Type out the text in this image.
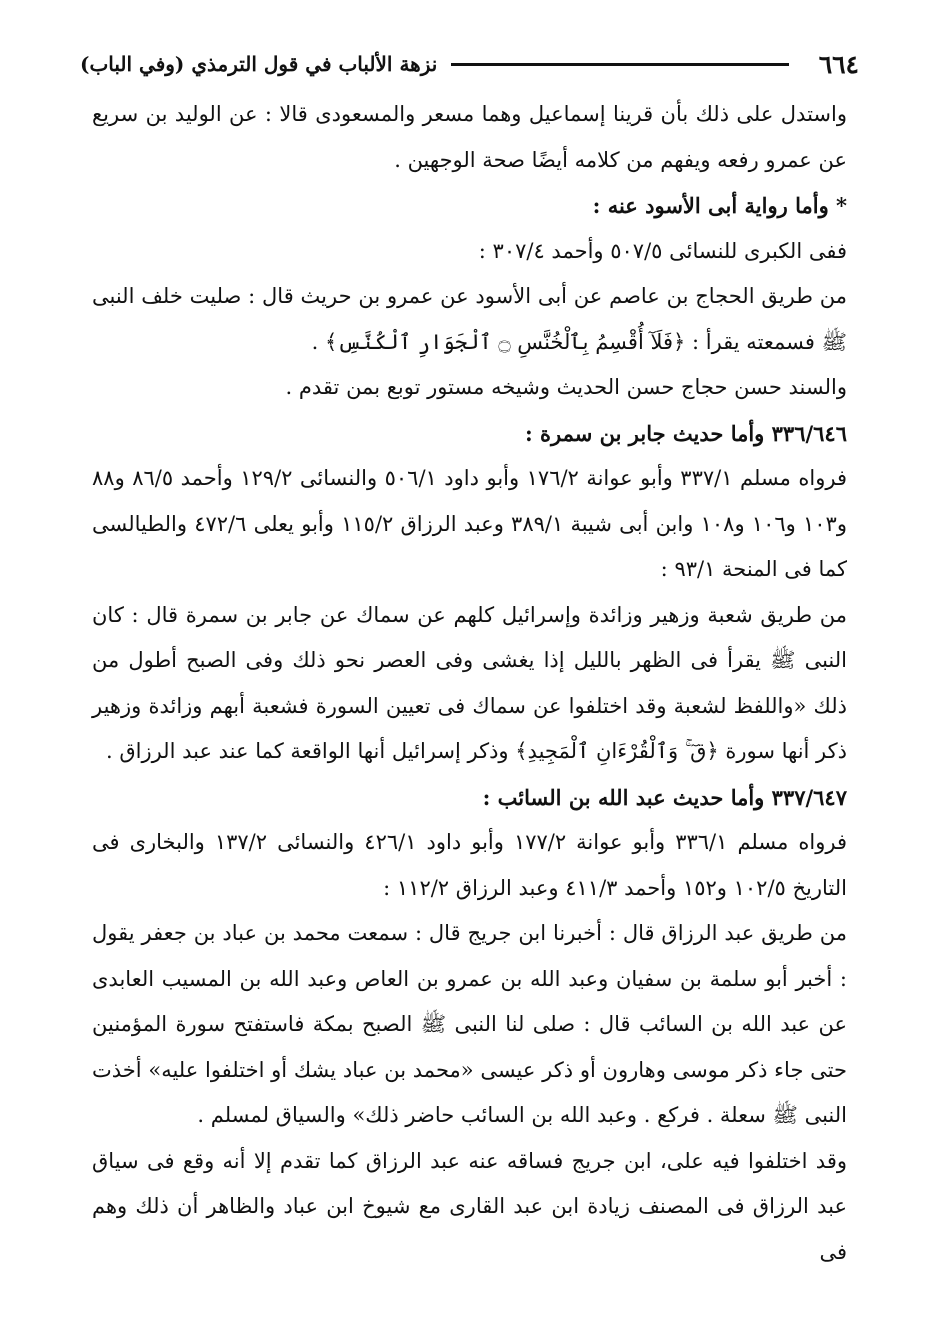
٦٦٤
نزهة الألباب في قول الترمذي (وفي الباب)

واستدل على ذلك بأن قرينا إسماعيل وهما مسعر والمسعودى قالا : عن الوليد بن سريع عن عمرو رفعه ويفهم من كلامه أيضًا صحة الوجهين .

* وأما رواية أبى الأسود عنه :

ففى الكبرى للنسائى ٥٠٧/٥ وأحمد ٣٠٧/٤ :

من طريق الحجاج بن عاصم عن أبى الأسود عن عمرو بن حريث قال : صليت خلف النبى ﷺ فسمعته يقرأ : ﴿فَلَآ أُقْسِمُ بِٱلْخُنَّسِ ۝ ٱلْجَوَارِ ٱلْكُنَّسِ﴾ .

والسند حسن حجاج حسن الحديث وشيخه مستور توبع بمن تقدم .

٣٣٦/٦٤٦ وأما حديث جابر بن سمرة :

فرواه مسلم ٣٣٧/١ وأبو عوانة ١٧٦/٢ وأبو داود ٥٠٦/١ والنسائى ١٢٩/٢ وأحمد ٨٦/٥ و٨٨ و١٠٣ و١٠٦ و١٠٨ وابن أبى شيبة ٣٨٩/١ وعبد الرزاق ١١٥/٢ وأبو يعلى ٤٧٢/٦ والطيالسى كما فى المنحة ٩٣/١ :

من طريق شعبة وزهير وزائدة وإسرائيل كلهم عن سماك عن جابر بن سمرة قال : كان النبى ﷺ يقرأ فى الظهر بالليل إذا يغشى وفى العصر نحو ذلك وفى الصبح أطول من ذلك «واللفظ لشعبة وقد اختلفوا عن سماك فى تعيين السورة فشعبة أبهم وزائدة وزهير ذكر أنها سورة ﴿قٓ ۚ وَٱلْقُرْءَانِ ٱلْمَجِيدِ﴾ وذكر إسرائيل أنها الواقعة كما عند عبد الرزاق .

٣٣٧/٦٤٧ وأما حديث عبد الله بن السائب :

فرواه مسلم ٣٣٦/١ وأبو عوانة ١٧٧/٢ وأبو داود ٤٢٦/١ والنسائى ١٣٧/٢ والبخارى فى التاريخ ١٠٢/٥ و١٥٢ وأحمد ٤١١/٣ وعبد الرزاق ١١٢/٢ :

من طريق عبد الرزاق قال : أخبرنا ابن جريج قال : سمعت محمد بن عباد بن جعفر يقول : أخبر أبو سلمة بن سفيان وعبد الله بن عمرو بن العاص وعبد الله بن المسيب العابدى عن عبد الله بن السائب قال : صلى لنا النبى ﷺ الصبح بمكة فاستفتح سورة المؤمنين حتى جاء ذكر موسى وهارون أو ذكر عيسى «محمد بن عباد يشك أو اختلفوا عليه» أخذت النبى ﷺ سعلة . فركع . وعبد الله بن السائب حاضر ذلك» والسياق لمسلم .

وقد اختلفوا فيه على، ابن جريج فساقه عنه عبد الرزاق كما تقدم إلا أنه وقع فى سياق عبد الرزاق فى المصنف زيادة ابن عبد القارى مع شيوخ ابن عباد والظاهر أن ذلك وهم فى
